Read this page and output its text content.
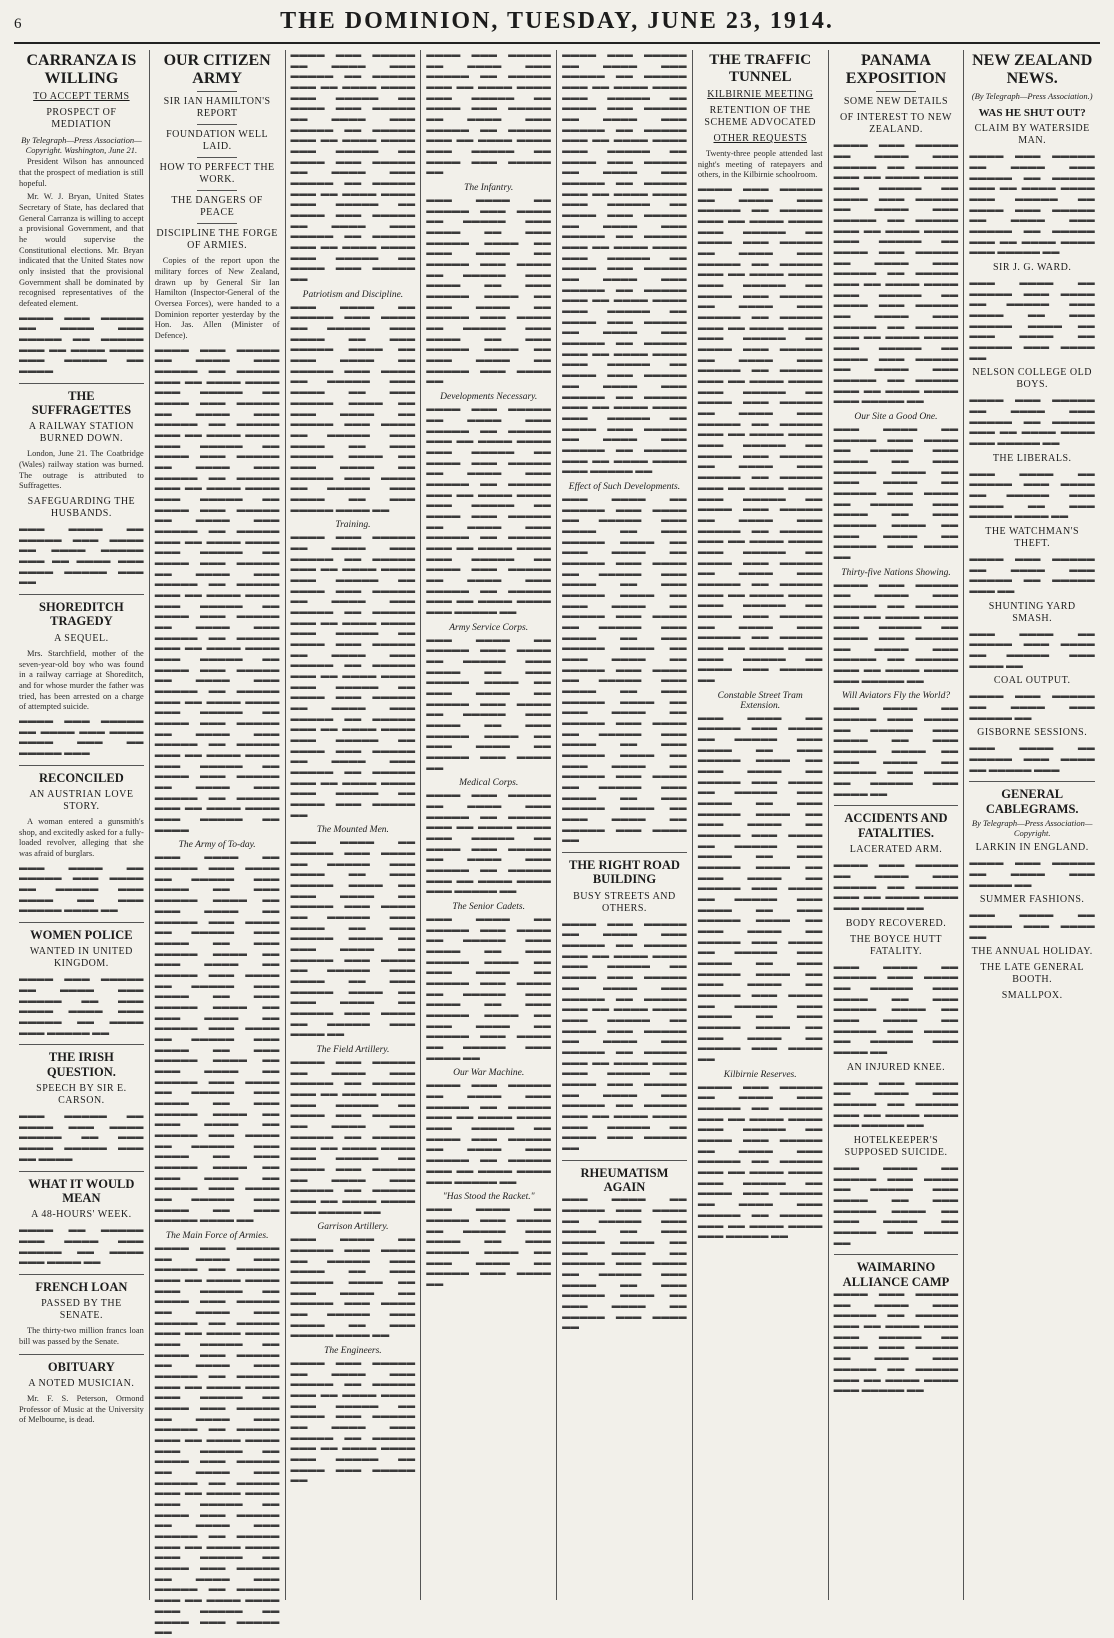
6	THE DOMINION, TUESDAY, JUNE 23, 1914.
CARRANZA IS WILLING
TO ACCEPT TERMS
PROSPECT OF MEDIATION
By Telegraph—Press Association—Copyright. Washington, June 21.

President Wilson has announced that the prospect of mediation is still hopeful.

Mr. W. J. Bryan, United States Secretary of State, has declared that General Carranza is willing to accept a provisional Government, and that he would supervise the Constitutional elections. Mr. Bryan indicated that the United States now only insisted that the provisional Government shall be dominated by recognised representatives of the defeated element.

▬▬▬▬ ▬▬▬ ▬▬▬▬▬ ▬▬ ▬▬▬▬ ▬▬▬ ▬▬▬▬▬ ▬▬ ▬▬▬▬▬ ▬▬▬ ▬▬ ▬▬▬▬ ▬▬▬▬ ▬▬▬ ▬▬▬▬▬ ▬▬ ▬▬▬▬
THE SUFFRAGETTES
A RAILWAY STATION BURNED DOWN.

London, June 21. The Coatbridge (Wales) railway station was burned. The outrage is attributed to Suffragettes.

SAFEGUARDING THE HUSBANDS.
▬▬▬ ▬▬▬▬ ▬▬ ▬▬▬▬▬ ▬▬▬ ▬▬▬▬ ▬▬ ▬▬▬▬ ▬▬▬▬▬ ▬▬▬ ▬▬ ▬▬▬▬ ▬▬▬ ▬▬▬▬ ▬▬▬▬▬ ▬▬▬ ▬▬
SHOREDITCH TRAGEDY
A SEQUEL.

Mrs. Starchfield, mother of the seven-year-old boy who was found in a railway carriage at Shoreditch, and for whose murder the father was tried, has been arrested on a charge of attempted suicide.

▬▬▬▬ ▬▬▬ ▬▬▬▬▬ ▬▬ ▬▬▬▬ ▬▬▬ ▬▬▬▬ ▬▬▬▬ ▬▬▬ ▬▬ ▬▬▬▬▬ ▬▬▬
RECONCILED
AN AUSTRIAN LOVE STORY.

A woman entered a gunsmith's shop, and excitedly asked for a fully-loaded revolver, alleging that she was afraid of burglars.

▬▬▬ ▬▬▬▬ ▬▬ ▬▬▬▬▬ ▬▬▬ ▬▬▬▬ ▬▬ ▬▬▬▬▬ ▬▬▬ ▬▬▬▬ ▬▬ ▬▬▬ ▬▬▬▬▬ ▬▬▬▬ ▬▬
WOMEN POLICE
WANTED IN UNITED KINGDOM.
▬▬▬▬ ▬▬▬ ▬▬▬▬▬ ▬▬ ▬▬▬▬ ▬▬▬ ▬▬▬▬▬ ▬▬ ▬▬▬ ▬▬▬▬ ▬▬▬▬ ▬▬▬ ▬▬▬▬▬ ▬▬ ▬▬▬▬ ▬▬▬ ▬▬▬▬▬ ▬▬
THE IRISH QUESTION.
SPEECH BY SIR E. CARSON.
▬▬▬ ▬▬▬▬▬ ▬▬ ▬▬▬▬ ▬▬▬ ▬▬▬▬ ▬▬▬▬▬ ▬▬ ▬▬▬ ▬▬▬▬ ▬▬▬▬▬ ▬▬▬ ▬▬ ▬▬▬▬
WHAT IT WOULD MEAN
A 48-HOURS' WEEK.
▬▬▬▬ ▬▬ ▬▬▬▬▬ ▬▬▬ ▬▬▬▬ ▬▬▬ ▬▬▬▬▬ ▬▬ ▬▬▬▬ ▬▬▬ ▬▬▬▬ ▬▬
FRENCH LOAN
PASSED BY THE SENATE.

The thirty-two million francs loan bill was passed by the Senate.

OBITUARY
A NOTED MUSICIAN.

Mr. F. S. Peterson, Ormond Professor of Music at the University of Melbourne, is dead.

OUR CITIZEN ARMY
SIR IAN HAMILTON'S REPORT
FOUNDATION WELL LAID.
HOW TO PERFECT THE WORK.
THE DANGERS OF PEACE
DISCIPLINE THE FORGE OF ARMIES.

Copies of the report upon the military forces of New Zealand, drawn up by General Sir Ian Hamilton (Inspector-General of the Oversea Forces), were handed to a Dominion reporter yesterday by the Hon. Jas. Allen (Minister of Defence).

▬▬▬▬ ▬▬▬ ▬▬▬▬▬ ▬▬ ▬▬▬▬ ▬▬▬ ▬▬▬▬▬ ▬▬ ▬▬▬▬▬ ▬▬▬ ▬▬ ▬▬▬▬ ▬▬▬▬ ▬▬▬ ▬▬▬▬▬ ▬▬ ▬▬▬▬ ▬▬▬ ▬▬▬▬▬ ▬▬ ▬▬▬▬ ▬▬▬ ▬▬▬▬▬ ▬▬ ▬▬▬▬▬ ▬▬▬ ▬▬ ▬▬▬▬ ▬▬▬▬ ▬▬▬ ▬▬▬▬▬ ▬▬ ▬▬▬▬ ▬▬▬ ▬▬▬▬▬ ▬▬ ▬▬▬▬ ▬▬▬ ▬▬▬▬▬ ▬▬ ▬▬▬▬▬ ▬▬▬ ▬▬ ▬▬▬▬ ▬▬▬▬ ▬▬▬ ▬▬▬▬▬ ▬▬ ▬▬▬▬ ▬▬▬ ▬▬▬▬▬ ▬▬ ▬▬▬▬ ▬▬▬ ▬▬▬▬▬ ▬▬ ▬▬▬▬▬ ▬▬▬ ▬▬ ▬▬▬▬ ▬▬▬▬ ▬▬▬ ▬▬▬▬▬ ▬▬ ▬▬▬▬ ▬▬▬ ▬▬▬▬▬ ▬▬ ▬▬▬▬ ▬▬▬ ▬▬▬▬▬ ▬▬ ▬▬▬▬▬ ▬▬▬ ▬▬ ▬▬▬▬ ▬▬▬▬ ▬▬▬ ▬▬▬▬▬ ▬▬ ▬▬▬▬ ▬▬▬ ▬▬▬▬▬ ▬▬ ▬▬▬▬ ▬▬▬ ▬▬▬▬▬ ▬▬ ▬▬▬▬▬ ▬▬▬ ▬▬ ▬▬▬▬ ▬▬▬▬ ▬▬▬ ▬▬▬▬▬ ▬▬ ▬▬▬▬ ▬▬▬ ▬▬▬▬▬ ▬▬ ▬▬▬▬ ▬▬▬ ▬▬▬▬▬ ▬▬ ▬▬▬▬▬ ▬▬▬ ▬▬ ▬▬▬▬ ▬▬▬▬ ▬▬▬ ▬▬▬▬▬ ▬▬ ▬▬▬▬ ▬▬▬ ▬▬▬▬▬ ▬▬ ▬▬▬▬ ▬▬▬ ▬▬▬▬▬ ▬▬ ▬▬▬▬▬ ▬▬▬ ▬▬ ▬▬▬▬ ▬▬▬▬ ▬▬▬ ▬▬▬▬▬ ▬▬ ▬▬▬▬ ▬▬▬ ▬▬▬▬▬ ▬▬ ▬▬▬▬ ▬▬▬ ▬▬▬▬▬ ▬▬ ▬▬▬▬▬ ▬▬▬ ▬▬ ▬▬▬▬ ▬▬▬▬ ▬▬▬ ▬▬▬▬▬ ▬▬ ▬▬▬▬
The Army of To-day.
▬▬▬ ▬▬▬▬ ▬▬ ▬▬▬▬▬ ▬▬▬ ▬▬▬▬ ▬▬ ▬▬▬▬▬ ▬▬▬ ▬▬▬▬ ▬▬ ▬▬▬ ▬▬▬▬▬ ▬▬▬▬ ▬▬ ▬▬▬ ▬▬▬▬ ▬▬ ▬▬▬▬▬ ▬▬▬ ▬▬▬▬ ▬▬ ▬▬▬▬▬ ▬▬▬ ▬▬▬▬ ▬▬ ▬▬▬ ▬▬▬▬▬ ▬▬▬▬ ▬▬ ▬▬▬ ▬▬▬▬ ▬▬ ▬▬▬▬▬ ▬▬▬ ▬▬▬▬ ▬▬ ▬▬▬▬▬ ▬▬▬ ▬▬▬▬ ▬▬ ▬▬▬ ▬▬▬▬▬ ▬▬▬▬ ▬▬ ▬▬▬ ▬▬▬▬ ▬▬ ▬▬▬▬▬ ▬▬▬ ▬▬▬▬ ▬▬ ▬▬▬▬▬ ▬▬▬ ▬▬▬▬ ▬▬ ▬▬▬ ▬▬▬▬▬ ▬▬▬▬ ▬▬ ▬▬▬ ▬▬▬▬ ▬▬ ▬▬▬▬▬ ▬▬▬ ▬▬▬▬ ▬▬ ▬▬▬▬▬ ▬▬▬ ▬▬▬▬ ▬▬ ▬▬▬ ▬▬▬▬▬ ▬▬▬▬ ▬▬ ▬▬▬ ▬▬▬▬ ▬▬ ▬▬▬▬▬ ▬▬▬ ▬▬▬▬ ▬▬ ▬▬▬▬▬ ▬▬▬ ▬▬▬▬ ▬▬ ▬▬▬ ▬▬▬▬▬ ▬▬▬▬ ▬▬ ▬▬▬ ▬▬▬▬ ▬▬ ▬▬▬▬▬ ▬▬▬ ▬▬▬▬ ▬▬ ▬▬▬▬▬ ▬▬▬ ▬▬▬▬ ▬▬ ▬▬▬ ▬▬▬▬▬ ▬▬▬▬ ▬▬
The Main Force of Armies.
▬▬▬▬ ▬▬▬ ▬▬▬▬▬ ▬▬ ▬▬▬▬ ▬▬▬ ▬▬▬▬▬ ▬▬ ▬▬▬▬▬ ▬▬▬ ▬▬ ▬▬▬▬ ▬▬▬▬ ▬▬▬ ▬▬▬▬▬ ▬▬ ▬▬▬▬ ▬▬▬ ▬▬▬▬▬ ▬▬ ▬▬▬▬ ▬▬▬ ▬▬▬▬▬ ▬▬ ▬▬▬▬▬ ▬▬▬ ▬▬ ▬▬▬▬ ▬▬▬▬ ▬▬▬ ▬▬▬▬▬ ▬▬ ▬▬▬▬ ▬▬▬ ▬▬▬▬▬ ▬▬ ▬▬▬▬ ▬▬▬ ▬▬▬▬▬ ▬▬ ▬▬▬▬▬ ▬▬▬ ▬▬ ▬▬▬▬ ▬▬▬▬ ▬▬▬ ▬▬▬▬▬ ▬▬ ▬▬▬▬ ▬▬▬ ▬▬▬▬▬ ▬▬ ▬▬▬▬ ▬▬▬ ▬▬▬▬▬ ▬▬ ▬▬▬▬▬ ▬▬▬ ▬▬ ▬▬▬▬ ▬▬▬▬ ▬▬▬ ▬▬▬▬▬ ▬▬ ▬▬▬▬ ▬▬▬ ▬▬▬▬▬ ▬▬ ▬▬▬▬ ▬▬▬ ▬▬▬▬▬ ▬▬ ▬▬▬▬▬ ▬▬▬ ▬▬ ▬▬▬▬ ▬▬▬▬ ▬▬▬ ▬▬▬▬▬ ▬▬ ▬▬▬▬ ▬▬▬ ▬▬▬▬▬ ▬▬ ▬▬▬▬ ▬▬▬ ▬▬▬▬▬ ▬▬ ▬▬▬▬▬ ▬▬▬ ▬▬ ▬▬▬▬ ▬▬▬▬ ▬▬▬ ▬▬▬▬▬ ▬▬ ▬▬▬▬ ▬▬▬ ▬▬▬▬▬ ▬▬ ▬▬▬▬ ▬▬▬ ▬▬▬▬▬ ▬▬ ▬▬▬▬▬ ▬▬▬ ▬▬ ▬▬▬▬ ▬▬▬▬ ▬▬▬ ▬▬▬▬▬ ▬▬ ▬▬▬▬ ▬▬▬ ▬▬▬▬▬ ▬▬
▬▬▬▬ ▬▬▬ ▬▬▬▬▬ ▬▬ ▬▬▬▬ ▬▬▬ ▬▬▬▬▬ ▬▬ ▬▬▬▬▬ ▬▬▬ ▬▬ ▬▬▬▬ ▬▬▬▬ ▬▬▬ ▬▬▬▬▬ ▬▬ ▬▬▬▬ ▬▬▬ ▬▬▬▬▬ ▬▬ ▬▬▬▬ ▬▬▬ ▬▬▬▬▬ ▬▬ ▬▬▬▬▬ ▬▬▬ ▬▬ ▬▬▬▬ ▬▬▬▬ ▬▬▬ ▬▬▬▬▬ ▬▬ ▬▬▬▬ ▬▬▬ ▬▬▬▬▬ ▬▬ ▬▬▬▬ ▬▬▬ ▬▬▬▬▬ ▬▬ ▬▬▬▬▬ ▬▬▬ ▬▬ ▬▬▬▬ ▬▬▬▬ ▬▬▬ ▬▬▬▬▬ ▬▬ ▬▬▬▬ ▬▬▬ ▬▬▬▬▬ ▬▬ ▬▬▬▬ ▬▬▬ ▬▬▬▬▬ ▬▬ ▬▬▬▬▬ ▬▬▬ ▬▬ ▬▬▬▬ ▬▬▬▬ ▬▬▬ ▬▬▬▬▬ ▬▬ ▬▬▬▬ ▬▬▬ ▬▬▬▬▬ ▬▬
Patriotism and Discipline.
▬▬▬ ▬▬▬▬ ▬▬ ▬▬▬▬▬ ▬▬▬ ▬▬▬▬ ▬▬ ▬▬▬▬▬ ▬▬▬ ▬▬▬▬ ▬▬ ▬▬▬ ▬▬▬▬▬ ▬▬▬▬ ▬▬ ▬▬▬ ▬▬▬▬ ▬▬ ▬▬▬▬▬ ▬▬▬ ▬▬▬▬ ▬▬ ▬▬▬▬▬ ▬▬▬ ▬▬▬▬ ▬▬ ▬▬▬ ▬▬▬▬▬ ▬▬▬▬ ▬▬ ▬▬▬ ▬▬▬▬ ▬▬ ▬▬▬▬▬ ▬▬▬ ▬▬▬▬ ▬▬ ▬▬▬▬▬ ▬▬▬ ▬▬▬▬ ▬▬ ▬▬▬ ▬▬▬▬▬ ▬▬▬▬ ▬▬ ▬▬▬ ▬▬▬▬ ▬▬ ▬▬▬▬▬ ▬▬▬ ▬▬▬▬ ▬▬ ▬▬▬▬▬ ▬▬▬ ▬▬▬▬ ▬▬ ▬▬▬ ▬▬▬▬▬ ▬▬▬▬ ▬▬
Training.
▬▬▬▬ ▬▬▬ ▬▬▬▬▬ ▬▬ ▬▬▬▬ ▬▬▬ ▬▬▬▬▬ ▬▬ ▬▬▬▬▬ ▬▬▬ ▬▬ ▬▬▬▬ ▬▬▬▬ ▬▬▬ ▬▬▬▬▬ ▬▬ ▬▬▬▬ ▬▬▬ ▬▬▬▬▬ ▬▬ ▬▬▬▬ ▬▬▬ ▬▬▬▬▬ ▬▬ ▬▬▬▬▬ ▬▬▬ ▬▬ ▬▬▬▬ ▬▬▬▬ ▬▬▬ ▬▬▬▬▬ ▬▬ ▬▬▬▬ ▬▬▬ ▬▬▬▬▬ ▬▬ ▬▬▬▬ ▬▬▬ ▬▬▬▬▬ ▬▬ ▬▬▬▬▬ ▬▬▬ ▬▬ ▬▬▬▬ ▬▬▬▬ ▬▬▬ ▬▬▬▬▬ ▬▬ ▬▬▬▬ ▬▬▬ ▬▬▬▬▬ ▬▬ ▬▬▬▬ ▬▬▬ ▬▬▬▬▬ ▬▬ ▬▬▬▬▬ ▬▬▬ ▬▬ ▬▬▬▬ ▬▬▬▬ ▬▬▬ ▬▬▬▬▬ ▬▬ ▬▬▬▬ ▬▬▬ ▬▬▬▬▬ ▬▬ ▬▬▬▬ ▬▬▬ ▬▬▬▬▬ ▬▬ ▬▬▬▬▬ ▬▬▬ ▬▬ ▬▬▬▬ ▬▬▬▬ ▬▬▬ ▬▬▬▬▬ ▬▬ ▬▬▬▬ ▬▬▬ ▬▬▬▬▬ ▬▬
The Mounted Men.
▬▬▬ ▬▬▬▬ ▬▬ ▬▬▬▬▬ ▬▬▬ ▬▬▬▬ ▬▬ ▬▬▬▬▬ ▬▬▬ ▬▬▬▬ ▬▬ ▬▬▬ ▬▬▬▬▬ ▬▬▬▬ ▬▬ ▬▬▬ ▬▬▬▬ ▬▬ ▬▬▬▬▬ ▬▬▬ ▬▬▬▬ ▬▬ ▬▬▬▬▬ ▬▬▬ ▬▬▬▬ ▬▬ ▬▬▬ ▬▬▬▬▬ ▬▬▬▬ ▬▬ ▬▬▬ ▬▬▬▬ ▬▬ ▬▬▬▬▬ ▬▬▬ ▬▬▬▬ ▬▬ ▬▬▬▬▬ ▬▬▬ ▬▬▬▬ ▬▬ ▬▬▬ ▬▬▬▬▬ ▬▬▬▬ ▬▬ ▬▬▬ ▬▬▬▬ ▬▬ ▬▬▬▬▬ ▬▬▬ ▬▬▬▬ ▬▬ ▬▬▬▬▬ ▬▬▬ ▬▬▬▬ ▬▬
The Field Artillery.
▬▬▬▬ ▬▬▬ ▬▬▬▬▬ ▬▬ ▬▬▬▬ ▬▬▬ ▬▬▬▬▬ ▬▬ ▬▬▬▬▬ ▬▬▬ ▬▬ ▬▬▬▬ ▬▬▬▬ ▬▬▬ ▬▬▬▬▬ ▬▬ ▬▬▬▬ ▬▬▬ ▬▬▬▬▬ ▬▬ ▬▬▬▬ ▬▬▬ ▬▬▬▬▬ ▬▬ ▬▬▬▬▬ ▬▬▬ ▬▬ ▬▬▬▬ ▬▬▬▬ ▬▬▬ ▬▬▬▬▬ ▬▬ ▬▬▬▬ ▬▬▬ ▬▬▬▬▬ ▬▬ ▬▬▬▬ ▬▬▬ ▬▬▬▬▬ ▬▬ ▬▬▬▬▬ ▬▬▬ ▬▬ ▬▬▬▬ ▬▬▬▬ ▬▬▬ ▬▬▬▬▬ ▬▬
Garrison Artillery.
▬▬▬ ▬▬▬▬ ▬▬ ▬▬▬▬▬ ▬▬▬ ▬▬▬▬ ▬▬ ▬▬▬▬▬ ▬▬▬ ▬▬▬▬ ▬▬ ▬▬▬ ▬▬▬▬▬ ▬▬▬▬ ▬▬ ▬▬▬ ▬▬▬▬ ▬▬ ▬▬▬▬▬ ▬▬▬ ▬▬▬▬ ▬▬ ▬▬▬▬▬ ▬▬▬ ▬▬▬▬ ▬▬ ▬▬▬ ▬▬▬▬▬ ▬▬▬▬ ▬▬
The Engineers.
▬▬▬▬ ▬▬▬ ▬▬▬▬▬ ▬▬ ▬▬▬▬ ▬▬▬ ▬▬▬▬▬ ▬▬ ▬▬▬▬▬ ▬▬▬ ▬▬ ▬▬▬▬ ▬▬▬▬ ▬▬▬ ▬▬▬▬▬ ▬▬ ▬▬▬▬ ▬▬▬ ▬▬▬▬▬ ▬▬ ▬▬▬▬ ▬▬▬ ▬▬▬▬▬ ▬▬ ▬▬▬▬▬ ▬▬▬ ▬▬ ▬▬▬▬ ▬▬▬▬ ▬▬▬ ▬▬▬▬▬ ▬▬ ▬▬▬▬ ▬▬▬ ▬▬▬▬▬ ▬▬
▬▬▬▬ ▬▬▬ ▬▬▬▬▬ ▬▬ ▬▬▬▬ ▬▬▬ ▬▬▬▬▬ ▬▬ ▬▬▬▬▬ ▬▬▬ ▬▬ ▬▬▬▬ ▬▬▬▬ ▬▬▬ ▬▬▬▬▬ ▬▬ ▬▬▬▬ ▬▬▬ ▬▬▬▬▬ ▬▬ ▬▬▬▬ ▬▬▬ ▬▬▬▬▬ ▬▬ ▬▬▬▬▬ ▬▬▬ ▬▬ ▬▬▬▬ ▬▬▬▬ ▬▬▬ ▬▬▬▬▬ ▬▬ ▬▬▬▬ ▬▬▬ ▬▬▬▬▬ ▬▬
The Infantry.
▬▬▬ ▬▬▬▬ ▬▬ ▬▬▬▬▬ ▬▬▬ ▬▬▬▬ ▬▬ ▬▬▬▬▬ ▬▬▬ ▬▬▬▬ ▬▬ ▬▬▬ ▬▬▬▬▬ ▬▬▬▬ ▬▬ ▬▬▬ ▬▬▬▬ ▬▬ ▬▬▬▬▬ ▬▬▬ ▬▬▬▬ ▬▬ ▬▬▬▬▬ ▬▬▬ ▬▬▬▬ ▬▬ ▬▬▬ ▬▬▬▬▬ ▬▬▬▬ ▬▬ ▬▬▬ ▬▬▬▬ ▬▬ ▬▬▬▬▬ ▬▬▬ ▬▬▬▬ ▬▬ ▬▬▬▬▬ ▬▬▬ ▬▬▬▬ ▬▬ ▬▬▬ ▬▬▬▬▬ ▬▬▬▬ ▬▬ ▬▬▬ ▬▬▬▬ ▬▬ ▬▬▬▬▬ ▬▬▬ ▬▬▬▬ ▬▬
Developments Necessary.
▬▬▬▬ ▬▬▬ ▬▬▬▬▬ ▬▬ ▬▬▬▬ ▬▬▬ ▬▬▬▬▬ ▬▬ ▬▬▬▬▬ ▬▬▬ ▬▬ ▬▬▬▬ ▬▬▬▬ ▬▬▬ ▬▬▬▬▬ ▬▬ ▬▬▬▬ ▬▬▬ ▬▬▬▬▬ ▬▬ ▬▬▬▬ ▬▬▬ ▬▬▬▬▬ ▬▬ ▬▬▬▬▬ ▬▬▬ ▬▬ ▬▬▬▬ ▬▬▬▬ ▬▬▬ ▬▬▬▬▬ ▬▬ ▬▬▬▬ ▬▬▬ ▬▬▬▬▬ ▬▬ ▬▬▬▬ ▬▬▬ ▬▬▬▬▬ ▬▬ ▬▬▬▬▬ ▬▬▬ ▬▬ ▬▬▬▬ ▬▬▬▬ ▬▬▬ ▬▬▬▬▬ ▬▬ ▬▬▬▬ ▬▬▬ ▬▬▬▬▬ ▬▬ ▬▬▬▬ ▬▬▬ ▬▬▬▬▬ ▬▬ ▬▬▬▬▬ ▬▬▬ ▬▬ ▬▬▬▬ ▬▬▬▬ ▬▬▬ ▬▬▬▬▬ ▬▬
Army Service Corps.
▬▬▬ ▬▬▬▬ ▬▬ ▬▬▬▬▬ ▬▬▬ ▬▬▬▬ ▬▬ ▬▬▬▬▬ ▬▬▬ ▬▬▬▬ ▬▬ ▬▬▬ ▬▬▬▬▬ ▬▬▬▬ ▬▬ ▬▬▬ ▬▬▬▬ ▬▬ ▬▬▬▬▬ ▬▬▬ ▬▬▬▬ ▬▬ ▬▬▬▬▬ ▬▬▬ ▬▬▬▬ ▬▬ ▬▬▬ ▬▬▬▬▬ ▬▬▬▬ ▬▬ ▬▬▬ ▬▬▬▬ ▬▬ ▬▬▬▬▬ ▬▬▬ ▬▬▬▬ ▬▬
Medical Corps.
▬▬▬▬ ▬▬▬ ▬▬▬▬▬ ▬▬ ▬▬▬▬ ▬▬▬ ▬▬▬▬▬ ▬▬ ▬▬▬▬▬ ▬▬▬ ▬▬ ▬▬▬▬ ▬▬▬▬ ▬▬▬ ▬▬▬▬▬ ▬▬ ▬▬▬▬ ▬▬▬ ▬▬▬▬▬ ▬▬ ▬▬▬▬ ▬▬▬ ▬▬▬▬▬ ▬▬ ▬▬▬▬▬ ▬▬▬ ▬▬ ▬▬▬▬ ▬▬▬▬ ▬▬▬ ▬▬▬▬▬ ▬▬
The Senior Cadets.
▬▬▬ ▬▬▬▬ ▬▬ ▬▬▬▬▬ ▬▬▬ ▬▬▬▬ ▬▬ ▬▬▬▬▬ ▬▬▬ ▬▬▬▬ ▬▬ ▬▬▬ ▬▬▬▬▬ ▬▬▬▬ ▬▬ ▬▬▬ ▬▬▬▬ ▬▬ ▬▬▬▬▬ ▬▬▬ ▬▬▬▬ ▬▬ ▬▬▬▬▬ ▬▬▬ ▬▬▬▬ ▬▬ ▬▬▬ ▬▬▬▬▬ ▬▬▬▬ ▬▬ ▬▬▬ ▬▬▬▬ ▬▬ ▬▬▬▬▬ ▬▬▬ ▬▬▬▬ ▬▬ ▬▬▬▬▬ ▬▬▬ ▬▬▬▬ ▬▬
Our War Machine.
▬▬▬▬ ▬▬▬ ▬▬▬▬▬ ▬▬ ▬▬▬▬ ▬▬▬ ▬▬▬▬▬ ▬▬ ▬▬▬▬▬ ▬▬▬ ▬▬ ▬▬▬▬ ▬▬▬▬ ▬▬▬ ▬▬▬▬▬ ▬▬ ▬▬▬▬ ▬▬▬ ▬▬▬▬▬ ▬▬ ▬▬▬▬ ▬▬▬ ▬▬▬▬▬ ▬▬ ▬▬▬▬▬ ▬▬▬ ▬▬ ▬▬▬▬ ▬▬▬▬ ▬▬▬ ▬▬▬▬▬ ▬▬
"Has Stood the Racket."
▬▬▬ ▬▬▬▬ ▬▬ ▬▬▬▬▬ ▬▬▬ ▬▬▬▬ ▬▬ ▬▬▬▬▬ ▬▬▬ ▬▬▬▬ ▬▬ ▬▬▬ ▬▬▬▬▬ ▬▬▬▬ ▬▬ ▬▬▬ ▬▬▬▬ ▬▬ ▬▬▬▬▬ ▬▬▬ ▬▬▬▬ ▬▬
▬▬▬▬ ▬▬▬ ▬▬▬▬▬ ▬▬ ▬▬▬▬ ▬▬▬ ▬▬▬▬▬ ▬▬ ▬▬▬▬▬ ▬▬▬ ▬▬ ▬▬▬▬ ▬▬▬▬ ▬▬▬ ▬▬▬▬▬ ▬▬ ▬▬▬▬ ▬▬▬ ▬▬▬▬▬ ▬▬ ▬▬▬▬ ▬▬▬ ▬▬▬▬▬ ▬▬ ▬▬▬▬▬ ▬▬▬ ▬▬ ▬▬▬▬ ▬▬▬▬ ▬▬▬ ▬▬▬▬▬ ▬▬ ▬▬▬▬ ▬▬▬ ▬▬▬▬▬ ▬▬ ▬▬▬▬ ▬▬▬ ▬▬▬▬▬ ▬▬ ▬▬▬▬▬ ▬▬▬ ▬▬ ▬▬▬▬ ▬▬▬▬ ▬▬▬ ▬▬▬▬▬ ▬▬ ▬▬▬▬ ▬▬▬ ▬▬▬▬▬ ▬▬ ▬▬▬▬ ▬▬▬ ▬▬▬▬▬ ▬▬ ▬▬▬▬▬ ▬▬▬ ▬▬ ▬▬▬▬ ▬▬▬▬ ▬▬▬ ▬▬▬▬▬ ▬▬ ▬▬▬▬ ▬▬▬ ▬▬▬▬▬ ▬▬ ▬▬▬▬ ▬▬▬ ▬▬▬▬▬ ▬▬ ▬▬▬▬▬ ▬▬▬ ▬▬ ▬▬▬▬ ▬▬▬▬ ▬▬▬ ▬▬▬▬▬ ▬▬ ▬▬▬▬ ▬▬▬ ▬▬▬▬▬ ▬▬ ▬▬▬▬ ▬▬▬ ▬▬▬▬▬ ▬▬ ▬▬▬▬▬ ▬▬▬ ▬▬ ▬▬▬▬ ▬▬▬▬ ▬▬▬ ▬▬▬▬▬ ▬▬ ▬▬▬▬ ▬▬▬ ▬▬▬▬▬ ▬▬ ▬▬▬▬ ▬▬▬ ▬▬▬▬▬ ▬▬ ▬▬▬▬▬ ▬▬▬ ▬▬ ▬▬▬▬ ▬▬▬▬ ▬▬▬ ▬▬▬▬▬ ▬▬ ▬▬▬▬ ▬▬▬ ▬▬▬▬▬ ▬▬ ▬▬▬▬ ▬▬▬ ▬▬▬▬▬ ▬▬ ▬▬▬▬▬ ▬▬▬ ▬▬ ▬▬▬▬ ▬▬▬▬ ▬▬▬ ▬▬▬▬▬ ▬▬
Effect of Such Developments.
▬▬▬ ▬▬▬▬ ▬▬ ▬▬▬▬▬ ▬▬▬ ▬▬▬▬ ▬▬ ▬▬▬▬▬ ▬▬▬ ▬▬▬▬ ▬▬ ▬▬▬ ▬▬▬▬▬ ▬▬▬▬ ▬▬ ▬▬▬ ▬▬▬▬ ▬▬ ▬▬▬▬▬ ▬▬▬ ▬▬▬▬ ▬▬ ▬▬▬▬▬ ▬▬▬ ▬▬▬▬ ▬▬ ▬▬▬ ▬▬▬▬▬ ▬▬▬▬ ▬▬ ▬▬▬ ▬▬▬▬ ▬▬ ▬▬▬▬▬ ▬▬▬ ▬▬▬▬ ▬▬ ▬▬▬▬▬ ▬▬▬ ▬▬▬▬ ▬▬ ▬▬▬ ▬▬▬▬▬ ▬▬▬▬ ▬▬ ▬▬▬ ▬▬▬▬ ▬▬ ▬▬▬▬▬ ▬▬▬ ▬▬▬▬ ▬▬ ▬▬▬▬▬ ▬▬▬ ▬▬▬▬ ▬▬ ▬▬▬ ▬▬▬▬▬ ▬▬▬▬ ▬▬ ▬▬▬ ▬▬▬▬ ▬▬ ▬▬▬▬▬ ▬▬▬ ▬▬▬▬ ▬▬ ▬▬▬▬▬ ▬▬▬ ▬▬▬▬ ▬▬ ▬▬▬ ▬▬▬▬▬ ▬▬▬▬ ▬▬ ▬▬▬ ▬▬▬▬ ▬▬ ▬▬▬▬▬ ▬▬▬ ▬▬▬▬ ▬▬ ▬▬▬▬▬ ▬▬▬ ▬▬▬▬ ▬▬ ▬▬▬ ▬▬▬▬▬ ▬▬▬▬ ▬▬ ▬▬▬ ▬▬▬▬ ▬▬ ▬▬▬▬▬ ▬▬▬ ▬▬▬▬ ▬▬
THE RIGHT ROAD BUILDING
BUSY STREETS AND OTHERS.
▬▬▬▬ ▬▬▬ ▬▬▬▬▬ ▬▬ ▬▬▬▬ ▬▬▬ ▬▬▬▬▬ ▬▬ ▬▬▬▬▬ ▬▬▬ ▬▬ ▬▬▬▬ ▬▬▬▬ ▬▬▬ ▬▬▬▬▬ ▬▬ ▬▬▬▬ ▬▬▬ ▬▬▬▬▬ ▬▬ ▬▬▬▬ ▬▬▬ ▬▬▬▬▬ ▬▬ ▬▬▬▬▬ ▬▬▬ ▬▬ ▬▬▬▬ ▬▬▬▬ ▬▬▬ ▬▬▬▬▬ ▬▬ ▬▬▬▬ ▬▬▬ ▬▬▬▬▬ ▬▬ ▬▬▬▬ ▬▬▬ ▬▬▬▬▬ ▬▬ ▬▬▬▬▬ ▬▬▬ ▬▬ ▬▬▬▬ ▬▬▬▬ ▬▬▬ ▬▬▬▬▬ ▬▬ ▬▬▬▬ ▬▬▬ ▬▬▬▬▬ ▬▬ ▬▬▬▬ ▬▬▬ ▬▬▬▬▬ ▬▬ ▬▬▬▬▬ ▬▬▬ ▬▬ ▬▬▬▬ ▬▬▬▬ ▬▬▬ ▬▬▬▬▬ ▬▬ ▬▬▬▬ ▬▬▬ ▬▬▬▬▬ ▬▬
RHEUMATISM AGAIN
▬▬▬ ▬▬▬▬ ▬▬ ▬▬▬▬▬ ▬▬▬ ▬▬▬▬ ▬▬ ▬▬▬▬▬ ▬▬▬ ▬▬▬▬ ▬▬ ▬▬▬ ▬▬▬▬▬ ▬▬▬▬ ▬▬ ▬▬▬ ▬▬▬▬ ▬▬ ▬▬▬▬▬ ▬▬▬ ▬▬▬▬ ▬▬ ▬▬▬▬▬ ▬▬▬ ▬▬▬▬ ▬▬ ▬▬▬ ▬▬▬▬▬ ▬▬▬▬ ▬▬ ▬▬▬ ▬▬▬▬ ▬▬ ▬▬▬▬▬ ▬▬▬ ▬▬▬▬ ▬▬
THE TRAFFIC TUNNEL
KILBIRNIE MEETING
RETENTION OF THE SCHEME ADVOCATED
OTHER REQUESTS

Twenty-three people attended last night's meeting of ratepayers and others, in the Kilbirnie schoolroom.

▬▬▬▬ ▬▬▬ ▬▬▬▬▬ ▬▬ ▬▬▬▬ ▬▬▬ ▬▬▬▬▬ ▬▬ ▬▬▬▬▬ ▬▬▬ ▬▬ ▬▬▬▬ ▬▬▬▬ ▬▬▬ ▬▬▬▬▬ ▬▬ ▬▬▬▬ ▬▬▬ ▬▬▬▬▬ ▬▬ ▬▬▬▬ ▬▬▬ ▬▬▬▬▬ ▬▬ ▬▬▬▬▬ ▬▬▬ ▬▬ ▬▬▬▬ ▬▬▬▬ ▬▬▬ ▬▬▬▬▬ ▬▬ ▬▬▬▬ ▬▬▬ ▬▬▬▬▬ ▬▬ ▬▬▬▬ ▬▬▬ ▬▬▬▬▬ ▬▬ ▬▬▬▬▬ ▬▬▬ ▬▬ ▬▬▬▬ ▬▬▬▬ ▬▬▬ ▬▬▬▬▬ ▬▬ ▬▬▬▬ ▬▬▬ ▬▬▬▬▬ ▬▬ ▬▬▬▬ ▬▬▬ ▬▬▬▬▬ ▬▬ ▬▬▬▬▬ ▬▬▬ ▬▬ ▬▬▬▬ ▬▬▬▬ ▬▬▬ ▬▬▬▬▬ ▬▬ ▬▬▬▬ ▬▬▬ ▬▬▬▬▬ ▬▬ ▬▬▬▬ ▬▬▬ ▬▬▬▬▬ ▬▬ ▬▬▬▬▬ ▬▬▬ ▬▬ ▬▬▬▬ ▬▬▬▬ ▬▬▬ ▬▬▬▬▬ ▬▬ ▬▬▬▬ ▬▬▬ ▬▬▬▬▬ ▬▬ ▬▬▬▬ ▬▬▬ ▬▬▬▬▬ ▬▬ ▬▬▬▬▬ ▬▬▬ ▬▬ ▬▬▬▬ ▬▬▬▬ ▬▬▬ ▬▬▬▬▬ ▬▬ ▬▬▬▬ ▬▬▬ ▬▬▬▬▬ ▬▬ ▬▬▬▬ ▬▬▬ ▬▬▬▬▬ ▬▬ ▬▬▬▬▬ ▬▬▬ ▬▬ ▬▬▬▬ ▬▬▬▬ ▬▬▬ ▬▬▬▬▬ ▬▬ ▬▬▬▬ ▬▬▬ ▬▬▬▬▬ ▬▬ ▬▬▬▬ ▬▬▬ ▬▬▬▬▬ ▬▬ ▬▬▬▬▬ ▬▬▬ ▬▬ ▬▬▬▬ ▬▬▬▬ ▬▬▬ ▬▬▬▬▬ ▬▬ ▬▬▬▬ ▬▬▬ ▬▬▬▬▬ ▬▬ ▬▬▬▬ ▬▬▬ ▬▬▬▬▬ ▬▬ ▬▬▬▬▬ ▬▬▬ ▬▬ ▬▬▬▬ ▬▬▬▬ ▬▬▬ ▬▬▬▬▬ ▬▬ ▬▬▬▬ ▬▬▬ ▬▬▬▬▬ ▬▬
Constable Street Tram Extension.
▬▬▬ ▬▬▬▬ ▬▬ ▬▬▬▬▬ ▬▬▬ ▬▬▬▬ ▬▬ ▬▬▬▬▬ ▬▬▬ ▬▬▬▬ ▬▬ ▬▬▬ ▬▬▬▬▬ ▬▬▬▬ ▬▬ ▬▬▬ ▬▬▬▬ ▬▬ ▬▬▬▬▬ ▬▬▬ ▬▬▬▬ ▬▬ ▬▬▬▬▬ ▬▬▬ ▬▬▬▬ ▬▬ ▬▬▬ ▬▬▬▬▬ ▬▬▬▬ ▬▬ ▬▬▬ ▬▬▬▬ ▬▬ ▬▬▬▬▬ ▬▬▬ ▬▬▬▬ ▬▬ ▬▬▬▬▬ ▬▬▬ ▬▬▬▬ ▬▬ ▬▬▬ ▬▬▬▬▬ ▬▬▬▬ ▬▬ ▬▬▬ ▬▬▬▬ ▬▬ ▬▬▬▬▬ ▬▬▬ ▬▬▬▬ ▬▬ ▬▬▬▬▬ ▬▬▬ ▬▬▬▬ ▬▬ ▬▬▬ ▬▬▬▬▬ ▬▬▬▬ ▬▬ ▬▬▬ ▬▬▬▬ ▬▬ ▬▬▬▬▬ ▬▬▬ ▬▬▬▬ ▬▬ ▬▬▬▬▬ ▬▬▬ ▬▬▬▬ ▬▬ ▬▬▬ ▬▬▬▬▬ ▬▬▬▬ ▬▬ ▬▬▬ ▬▬▬▬ ▬▬ ▬▬▬▬▬ ▬▬▬ ▬▬▬▬ ▬▬ ▬▬▬▬▬ ▬▬▬ ▬▬▬▬ ▬▬ ▬▬▬ ▬▬▬▬▬ ▬▬▬▬ ▬▬ ▬▬▬ ▬▬▬▬ ▬▬ ▬▬▬▬▬ ▬▬▬ ▬▬▬▬ ▬▬
Kilbirnie Reserves.
▬▬▬▬ ▬▬▬ ▬▬▬▬▬ ▬▬ ▬▬▬▬ ▬▬▬ ▬▬▬▬▬ ▬▬ ▬▬▬▬▬ ▬▬▬ ▬▬ ▬▬▬▬ ▬▬▬▬ ▬▬▬ ▬▬▬▬▬ ▬▬ ▬▬▬▬ ▬▬▬ ▬▬▬▬▬ ▬▬ ▬▬▬▬ ▬▬▬ ▬▬▬▬▬ ▬▬ ▬▬▬▬▬ ▬▬▬ ▬▬ ▬▬▬▬ ▬▬▬▬ ▬▬▬ ▬▬▬▬▬ ▬▬ ▬▬▬▬ ▬▬▬ ▬▬▬▬▬ ▬▬ ▬▬▬▬ ▬▬▬ ▬▬▬▬▬ ▬▬ ▬▬▬▬▬ ▬▬▬ ▬▬ ▬▬▬▬ ▬▬▬▬ ▬▬▬ ▬▬▬▬▬ ▬▬
PANAMA EXPOSITION
SOME NEW DETAILS
OF INTEREST TO NEW ZEALAND.
▬▬▬▬ ▬▬▬ ▬▬▬▬▬ ▬▬ ▬▬▬▬ ▬▬▬ ▬▬▬▬▬ ▬▬ ▬▬▬▬▬ ▬▬▬ ▬▬ ▬▬▬▬ ▬▬▬▬ ▬▬▬ ▬▬▬▬▬ ▬▬ ▬▬▬▬ ▬▬▬ ▬▬▬▬▬ ▬▬ ▬▬▬▬ ▬▬▬ ▬▬▬▬▬ ▬▬ ▬▬▬▬▬ ▬▬▬ ▬▬ ▬▬▬▬ ▬▬▬▬ ▬▬▬ ▬▬▬▬▬ ▬▬ ▬▬▬▬ ▬▬▬ ▬▬▬▬▬ ▬▬ ▬▬▬▬ ▬▬▬ ▬▬▬▬▬ ▬▬ ▬▬▬▬▬ ▬▬▬ ▬▬ ▬▬▬▬ ▬▬▬▬ ▬▬▬ ▬▬▬▬▬ ▬▬ ▬▬▬▬ ▬▬▬ ▬▬▬▬▬ ▬▬ ▬▬▬▬ ▬▬▬ ▬▬▬▬▬ ▬▬ ▬▬▬▬▬ ▬▬▬ ▬▬ ▬▬▬▬ ▬▬▬▬ ▬▬▬ ▬▬▬▬▬ ▬▬ ▬▬▬▬ ▬▬▬ ▬▬▬▬▬ ▬▬ ▬▬▬▬ ▬▬▬ ▬▬▬▬▬ ▬▬ ▬▬▬▬▬ ▬▬▬ ▬▬ ▬▬▬▬ ▬▬▬▬ ▬▬▬ ▬▬▬▬▬ ▬▬
Our Site a Good One.
▬▬▬ ▬▬▬▬ ▬▬ ▬▬▬▬▬ ▬▬▬ ▬▬▬▬ ▬▬ ▬▬▬▬▬ ▬▬▬ ▬▬▬▬ ▬▬ ▬▬▬ ▬▬▬▬▬ ▬▬▬▬ ▬▬ ▬▬▬ ▬▬▬▬ ▬▬ ▬▬▬▬▬ ▬▬▬ ▬▬▬▬ ▬▬ ▬▬▬▬▬ ▬▬▬ ▬▬▬▬ ▬▬ ▬▬▬ ▬▬▬▬▬ ▬▬▬▬ ▬▬ ▬▬▬ ▬▬▬▬ ▬▬ ▬▬▬▬▬ ▬▬▬ ▬▬▬▬ ▬▬
Thirty-five Nations Showing.
▬▬▬▬ ▬▬▬ ▬▬▬▬▬ ▬▬ ▬▬▬▬ ▬▬▬ ▬▬▬▬▬ ▬▬ ▬▬▬▬▬ ▬▬▬ ▬▬ ▬▬▬▬ ▬▬▬▬ ▬▬▬ ▬▬▬▬▬ ▬▬ ▬▬▬▬ ▬▬▬ ▬▬▬▬▬ ▬▬ ▬▬▬▬ ▬▬▬ ▬▬▬▬▬ ▬▬ ▬▬▬▬▬ ▬▬▬ ▬▬ ▬▬▬▬ ▬▬▬▬ ▬▬▬ ▬▬▬▬▬ ▬▬
Will Aviators Fly the World?
▬▬▬ ▬▬▬▬ ▬▬ ▬▬▬▬▬ ▬▬▬ ▬▬▬▬ ▬▬ ▬▬▬▬▬ ▬▬▬ ▬▬▬▬ ▬▬ ▬▬▬ ▬▬▬▬▬ ▬▬▬▬ ▬▬ ▬▬▬ ▬▬▬▬ ▬▬ ▬▬▬▬▬ ▬▬▬ ▬▬▬▬ ▬▬ ▬▬▬▬▬ ▬▬▬ ▬▬▬▬ ▬▬
ACCIDENTS AND FATALITIES.
LACERATED ARM.
▬▬▬▬ ▬▬▬ ▬▬▬▬▬ ▬▬ ▬▬▬▬ ▬▬▬ ▬▬▬▬▬ ▬▬ ▬▬▬▬▬ ▬▬▬ ▬▬ ▬▬▬▬ ▬▬▬▬ ▬▬▬ ▬▬▬▬▬ ▬▬
BODY RECOVERED.
THE BOYCE HUTT FATALITY.
▬▬▬ ▬▬▬▬ ▬▬ ▬▬▬▬▬ ▬▬▬ ▬▬▬▬ ▬▬ ▬▬▬▬▬ ▬▬▬ ▬▬▬▬ ▬▬ ▬▬▬ ▬▬▬▬▬ ▬▬▬▬ ▬▬ ▬▬▬ ▬▬▬▬ ▬▬ ▬▬▬▬▬ ▬▬▬ ▬▬▬▬ ▬▬ ▬▬▬▬▬ ▬▬▬ ▬▬▬▬ ▬▬
AN INJURED KNEE.
▬▬▬▬ ▬▬▬ ▬▬▬▬▬ ▬▬ ▬▬▬▬ ▬▬▬ ▬▬▬▬▬ ▬▬ ▬▬▬▬▬ ▬▬▬ ▬▬ ▬▬▬▬ ▬▬▬▬ ▬▬▬ ▬▬▬▬▬ ▬▬
HOTELKEEPER'S SUPPOSED SUICIDE.
▬▬▬ ▬▬▬▬ ▬▬ ▬▬▬▬▬ ▬▬▬ ▬▬▬▬ ▬▬ ▬▬▬▬▬ ▬▬▬ ▬▬▬▬ ▬▬ ▬▬▬ ▬▬▬▬▬ ▬▬▬▬ ▬▬ ▬▬▬ ▬▬▬▬ ▬▬ ▬▬▬▬▬ ▬▬▬ ▬▬▬▬ ▬▬
WAIMARINO ALLIANCE CAMP
▬▬▬▬ ▬▬▬ ▬▬▬▬▬ ▬▬ ▬▬▬▬ ▬▬▬ ▬▬▬▬▬ ▬▬ ▬▬▬▬▬ ▬▬▬ ▬▬ ▬▬▬▬ ▬▬▬▬ ▬▬▬ ▬▬▬▬▬ ▬▬ ▬▬▬▬ ▬▬▬ ▬▬▬▬▬ ▬▬ ▬▬▬▬ ▬▬▬ ▬▬▬▬▬ ▬▬ ▬▬▬▬▬ ▬▬▬ ▬▬ ▬▬▬▬ ▬▬▬▬ ▬▬▬ ▬▬▬▬▬ ▬▬
NEW ZEALAND NEWS.
(By Telegraph—Press Association.)
WAS HE SHUT OUT?
CLAIM BY WATERSIDE MAN.
▬▬▬▬ ▬▬▬ ▬▬▬▬▬ ▬▬ ▬▬▬▬ ▬▬▬ ▬▬▬▬▬ ▬▬ ▬▬▬▬▬ ▬▬▬ ▬▬ ▬▬▬▬ ▬▬▬▬ ▬▬▬ ▬▬▬▬▬ ▬▬ ▬▬▬▬ ▬▬▬ ▬▬▬▬▬ ▬▬ ▬▬▬▬ ▬▬▬ ▬▬▬▬▬ ▬▬ ▬▬▬▬▬ ▬▬▬ ▬▬ ▬▬▬▬ ▬▬▬▬ ▬▬▬ ▬▬▬▬▬ ▬▬
SIR J. G. WARD.
▬▬▬ ▬▬▬▬ ▬▬ ▬▬▬▬▬ ▬▬▬ ▬▬▬▬ ▬▬ ▬▬▬▬▬ ▬▬▬ ▬▬▬▬ ▬▬ ▬▬▬ ▬▬▬▬▬ ▬▬▬▬ ▬▬ ▬▬▬ ▬▬▬▬ ▬▬ ▬▬▬▬▬ ▬▬▬ ▬▬▬▬ ▬▬
NELSON COLLEGE OLD BOYS.
▬▬▬▬ ▬▬▬ ▬▬▬▬▬ ▬▬ ▬▬▬▬ ▬▬▬ ▬▬▬▬▬ ▬▬ ▬▬▬▬▬ ▬▬▬ ▬▬ ▬▬▬▬ ▬▬▬▬ ▬▬▬ ▬▬▬▬▬ ▬▬
THE LIBERALS.
▬▬▬ ▬▬▬▬ ▬▬ ▬▬▬▬▬ ▬▬▬ ▬▬▬▬ ▬▬ ▬▬▬▬▬ ▬▬▬ ▬▬▬▬ ▬▬ ▬▬▬ ▬▬▬▬▬ ▬▬▬▬ ▬▬
THE WATCHMAN'S THEFT.
▬▬▬▬ ▬▬▬ ▬▬▬▬▬ ▬▬ ▬▬▬▬ ▬▬▬ ▬▬▬▬▬ ▬▬ ▬▬▬▬▬ ▬▬▬ ▬▬
SHUNTING YARD SMASH.
▬▬▬ ▬▬▬▬ ▬▬ ▬▬▬▬▬ ▬▬▬ ▬▬▬▬ ▬▬ ▬▬▬▬▬ ▬▬▬ ▬▬▬▬ ▬▬
COAL OUTPUT.
▬▬▬▬ ▬▬▬ ▬▬▬▬▬ ▬▬ ▬▬▬▬ ▬▬▬ ▬▬▬▬▬ ▬▬
GISBORNE SESSIONS.
▬▬▬ ▬▬▬▬ ▬▬ ▬▬▬▬▬ ▬▬▬ ▬▬▬▬ ▬▬ ▬▬▬▬▬ ▬▬▬
GENERAL CABLEGRAMS.
By Telegraph—Press Association—Copyright.
LARKIN IN ENGLAND.
▬▬▬▬ ▬▬▬ ▬▬▬▬▬ ▬▬ ▬▬▬▬ ▬▬▬ ▬▬▬▬▬ ▬▬
SUMMER FASHIONS.
▬▬▬ ▬▬▬▬ ▬▬ ▬▬▬▬▬ ▬▬▬ ▬▬▬▬ ▬▬
THE ANNUAL HOLIDAY.
THE LATE GENERAL BOOTH.
SMALLPOX.
